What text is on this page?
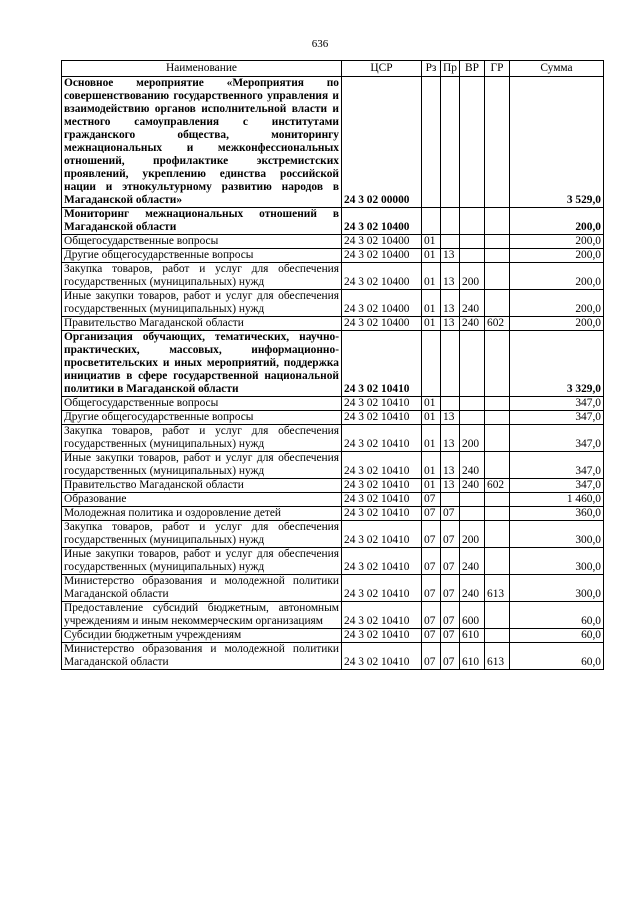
636
Наименование	ЦСР	Рз	Пр	ВР	ГР	Сумма
Основное мероприятие «Мероприятия по совершенствованию государственного управления и взаимодействию органов исполнительной власти и местного самоуправления с институтами гражданского общества, мониторингу межнациональных и межконфессиональных отношений, профилактике экстремистских проявлений, укреплению единства российской нации и этнокультурному развитию народов в Магаданской области»	24 3 02 00000					3 529,0
Мониторинг межнациональных отношений в Магаданской области	24 3 02 10400					200,0
Общегосударственные вопросы	24 3 02 10400	01				200,0
Другие общегосударственные вопросы	24 3 02 10400	01	13			200,0
Закупка товаров, работ и услуг для обеспечения государственных (муниципальных) нужд	24 3 02 10400	01	13	200		200,0
Иные закупки товаров, работ и услуг для обеспечения государственных (муниципальных) нужд	24 3 02 10400	01	13	240		200,0
Правительство Магаданской области	24 3 02 10400	01	13	240	602	200,0
Организация обучающих, тематических, научно-практических, массовых, информационно-просветительских и иных мероприятий, поддержка инициатив в сфере государственной национальной политики в Магаданской области	24 3 02 10410					3 329,0
Общегосударственные вопросы	24 3 02 10410	01				347,0
Другие общегосударственные вопросы	24 3 02 10410	01	13			347,0
Закупка товаров, работ и услуг для обеспечения государственных (муниципальных) нужд	24 3 02 10410	01	13	200		347,0
Иные закупки товаров, работ и услуг для обеспечения государственных (муниципальных) нужд	24 3 02 10410	01	13	240		347,0
Правительство Магаданской области	24 3 02 10410	01	13	240	602	347,0
Образование	24 3 02 10410	07				1 460,0
Молодежная политика и оздоровление детей	24 3 02 10410	07	07			360,0
Закупка товаров, работ и услуг для обеспечения государственных (муниципальных) нужд	24 3 02 10410	07	07	200		300,0
Иные закупки товаров, работ и услуг для обеспечения государственных (муниципальных) нужд	24 3 02 10410	07	07	240		300,0
Министерство образования и молодежной политики Магаданской области	24 3 02 10410	07	07	240	613	300,0
Предоставление субсидий бюджетным, автономным учреждениям и иным некоммерческим организациям	24 3 02 10410	07	07	600		60,0
Субсидии бюджетным учреждениям	24 3 02 10410	07	07	610		60,0
Министерство образования и молодежной политики Магаданской области	24 3 02 10410	07	07	610	613	60,0
